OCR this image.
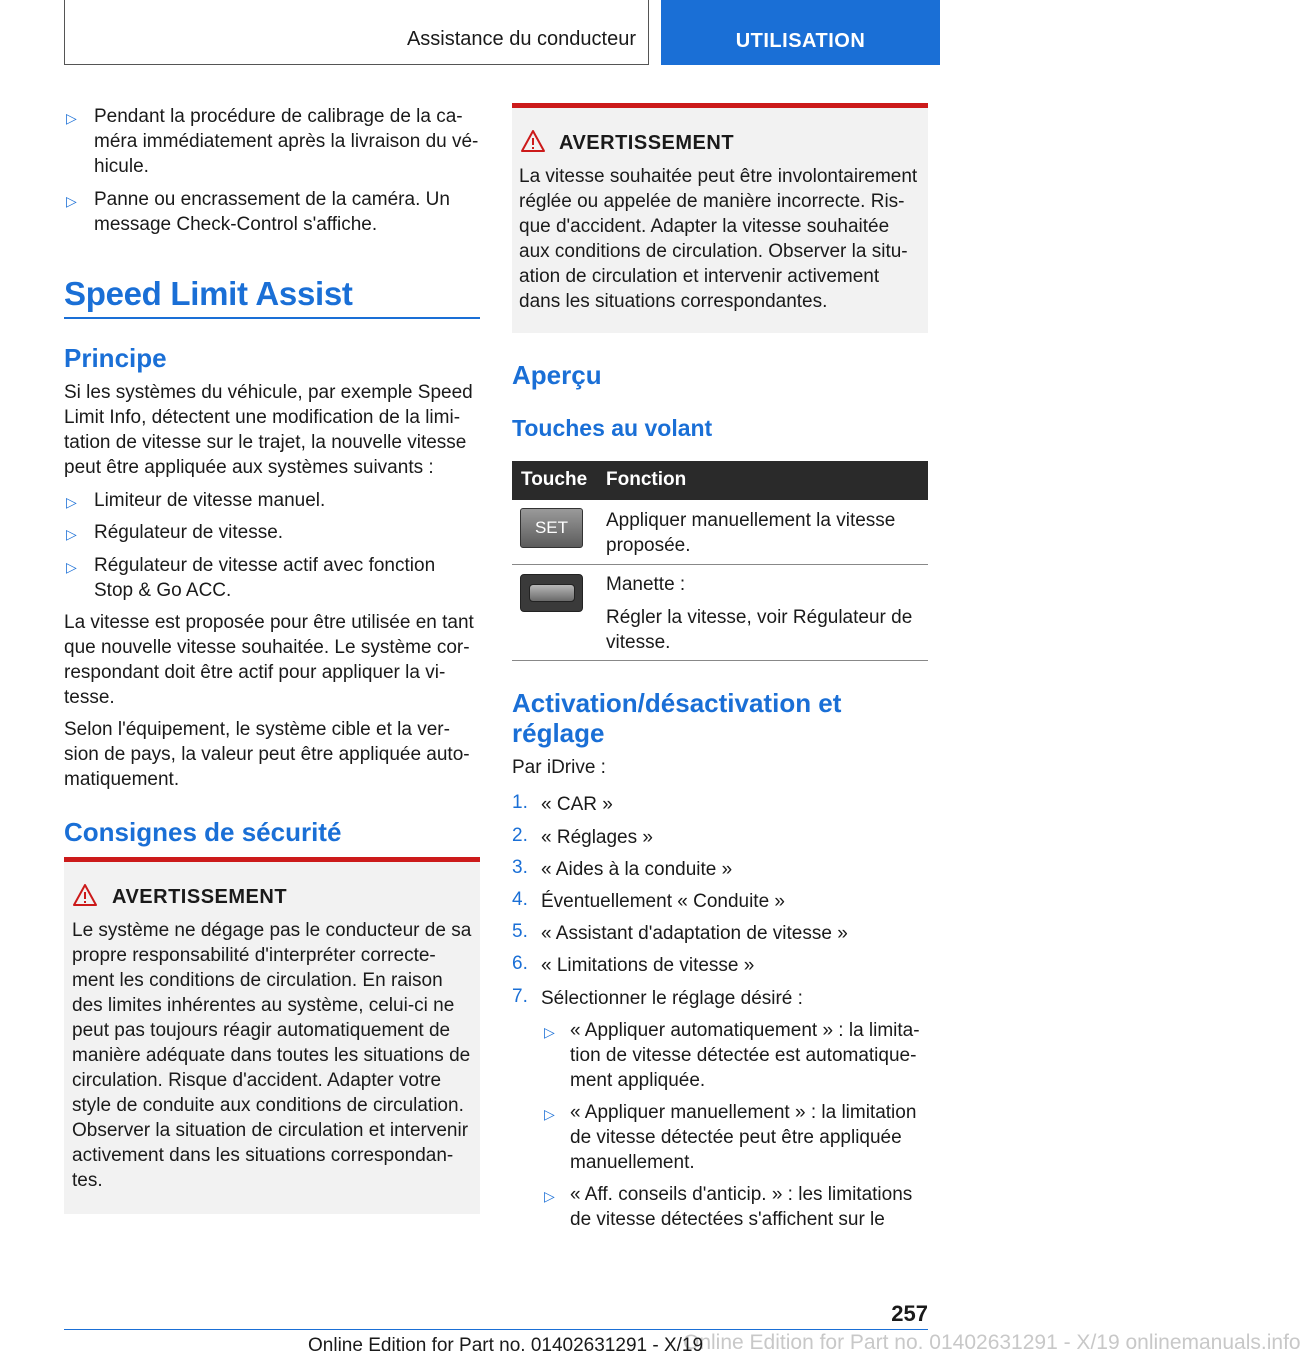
Assistance du conducteur	UTILISATION
▷ Pendant la procédure de calibrage de la ca-
méra immédiatement après la livraison du vé-
hicule.
▷ Panne ou encrassement de la caméra. Un
message Check-Control s'affiche.
Speed Limit Assist
Principe
Si les systèmes du véhicule, par exemple Speed
Limit Info, détectent une modification de la limi-
tation de vitesse sur le trajet, la nouvelle vitesse
peut être appliquée aux systèmes suivants :
▷ Limiteur de vitesse manuel.
▷ Régulateur de vitesse.
▷ Régulateur de vitesse actif avec fonction
Stop & Go ACC.
La vitesse est proposée pour être utilisée en tant
que nouvelle vitesse souhaitée. Le système cor-
respondant doit être actif pour appliquer la vi-
tesse.
Selon l'équipement, le système cible et la ver-
sion de pays, la valeur peut être appliquée auto-
matiquement.
Consignes de sécurité
AVERTISSEMENT
Le système ne dégage pas le conducteur de sa
propre responsabilité d'interpréter correcte-
ment les conditions de circulation. En raison
des limites inhérentes au système, celui-ci ne
peut pas toujours réagir automatiquement de
manière adéquate dans toutes les situations de
circulation. Risque d'accident. Adapter votre
style de conduite aux conditions de circulation.
Observer la situation de circulation et intervenir
activement dans les situations correspondan-
tes.
AVERTISSEMENT
La vitesse souhaitée peut être involontairement
réglée ou appelée de manière incorrecte. Ris-
que d'accident. Adapter la vitesse souhaitée
aux conditions de circulation. Observer la situ-
ation de circulation et intervenir activement
dans les situations correspondantes.
Aperçu
Touches au volant
Touche Fonction
SET Appliquer manuellement la vitesse
proposée.
Manette :
Régler la vitesse, voir Régulateur de
vitesse.
Activation/désactivation et
réglage
Par iDrive :
1. « CAR »
2. « Réglages »
3. « Aides à la conduite »
4. Éventuellement « Conduite »
5. « Assistant d'adaptation de vitesse »
6. « Limitations de vitesse »
7. Sélectionner le réglage désiré :
▷ « Appliquer automatiquement » : la limita-
tion de vitesse détectée est automatique-
ment appliquée.
▷ « Appliquer manuellement » : la limitation
de vitesse détectée peut être appliquée
manuellement.
▷ « Aff. conseils d'anticip. » : les limitations
de vitesse détectées s'affichent sur le
257
Online Edition for Part no. 01402631291 - X/19 onlinemanuals.info
Online Edition for Part no. 01402631291 - X/19
